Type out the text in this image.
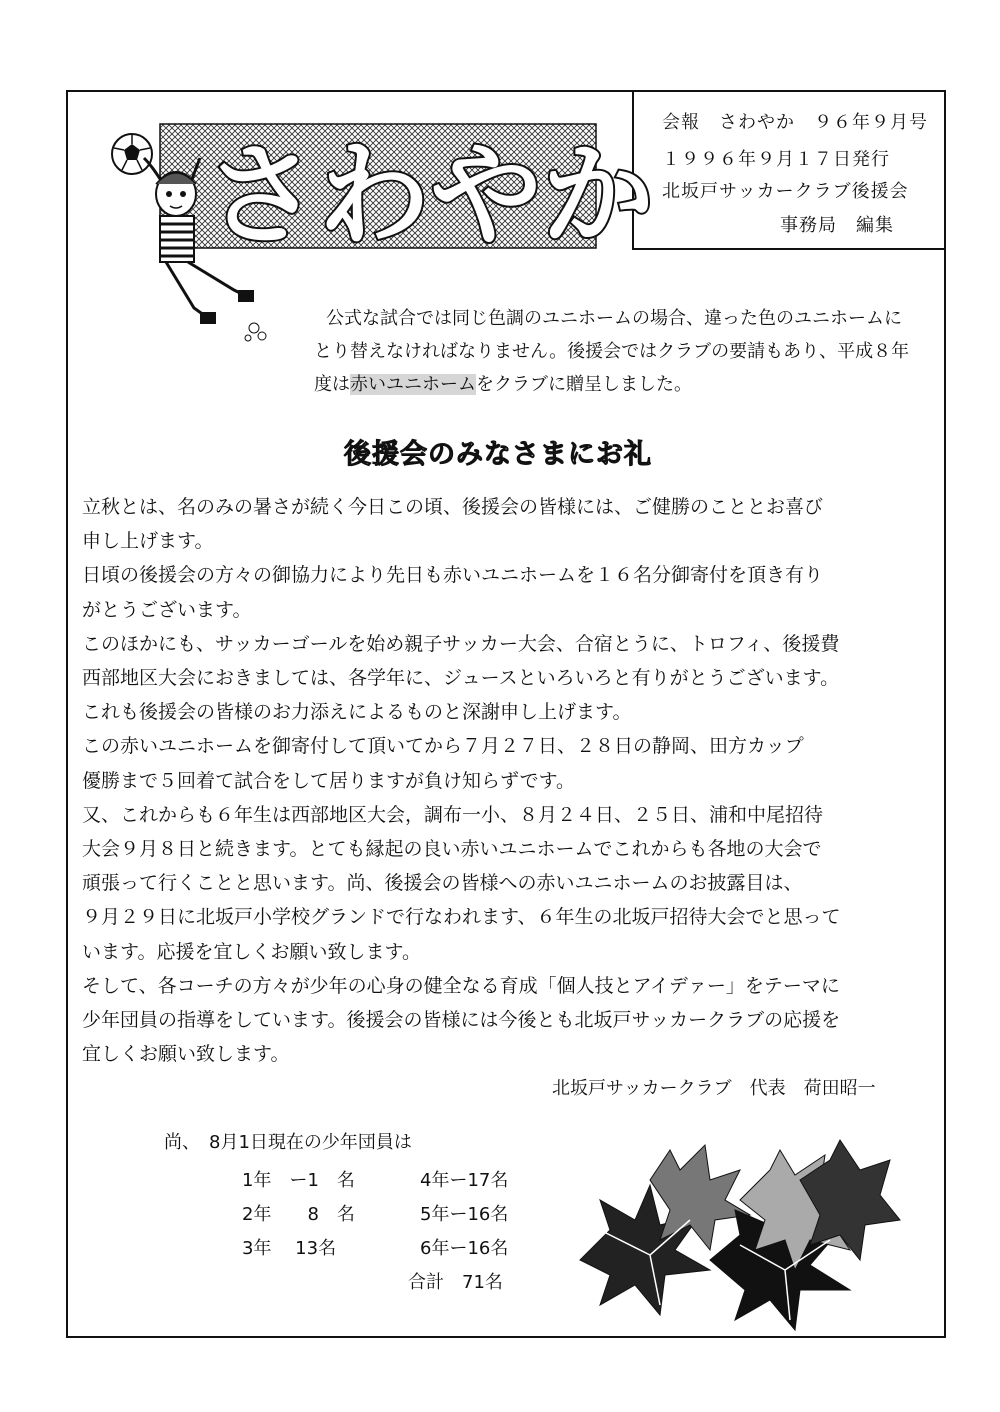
会報　さわやか　９６年９月号
１９９６年９月１７日発行
北坂戸サッカークラブ後援会
事務局　編集
さわやか
公式な試合では同じ色調のユニホームの場合、違った色のユニホームに
とり替えなければなりません。後援会ではクラブの要請もあり、平成８年
度は赤いユニホームをクラブに贈呈しました。
後援会のみなさまにお礼
立秋とは、名のみの暑さが続く今日この頃、後援会の皆様には、ご健勝のこととお喜び
申し上げます。
日頃の後援会の方々の御協力により先日も赤いユニホームを１６名分御寄付を頂き有り
がとうございます。
このほかにも、サッカーゴールを始め親子サッカー大会、合宿とうに、トロフィ、後援費
西部地区大会におきましては、各学年に、ジュースといろいろと有りがとうございます。
これも後援会の皆様のお力添えによるものと深謝申し上げます。
この赤いユニホームを御寄付して頂いてから７月２７日、２８日の静岡、田方カップ
優勝まで５回着て試合をして居りますが負け知らずです。
又、これからも６年生は西部地区大会，調布一小、８月２４日、２５日、浦和中尾招待
大会９月８日と続きます。とても縁起の良い赤いユニホームでこれからも各地の大会で
頑張って行くことと思います。尚、後援会の皆様への赤いユニホームのお披露目は、
９月２９日に北坂戸小学校グランドで行なわれます、６年生の北坂戸招待大会でと思って
います。応援を宜しくお願い致します。
そして、各コーチの方々が少年の心身の健全なる育成「個人技とアイデァー」をテーマに
少年団員の指導をしています。後援会の皆様には今後とも北坂戸サッカークラブの応援を
宜しくお願い致します。
北坂戸サッカークラブ　代表　荷田昭一
尚、　8月1日現在の少年団員は
1年　ー1　名	4年ー17名
2年　　8　名	5年ー16名
3年　 13名	6年ー16名
合計　71名
